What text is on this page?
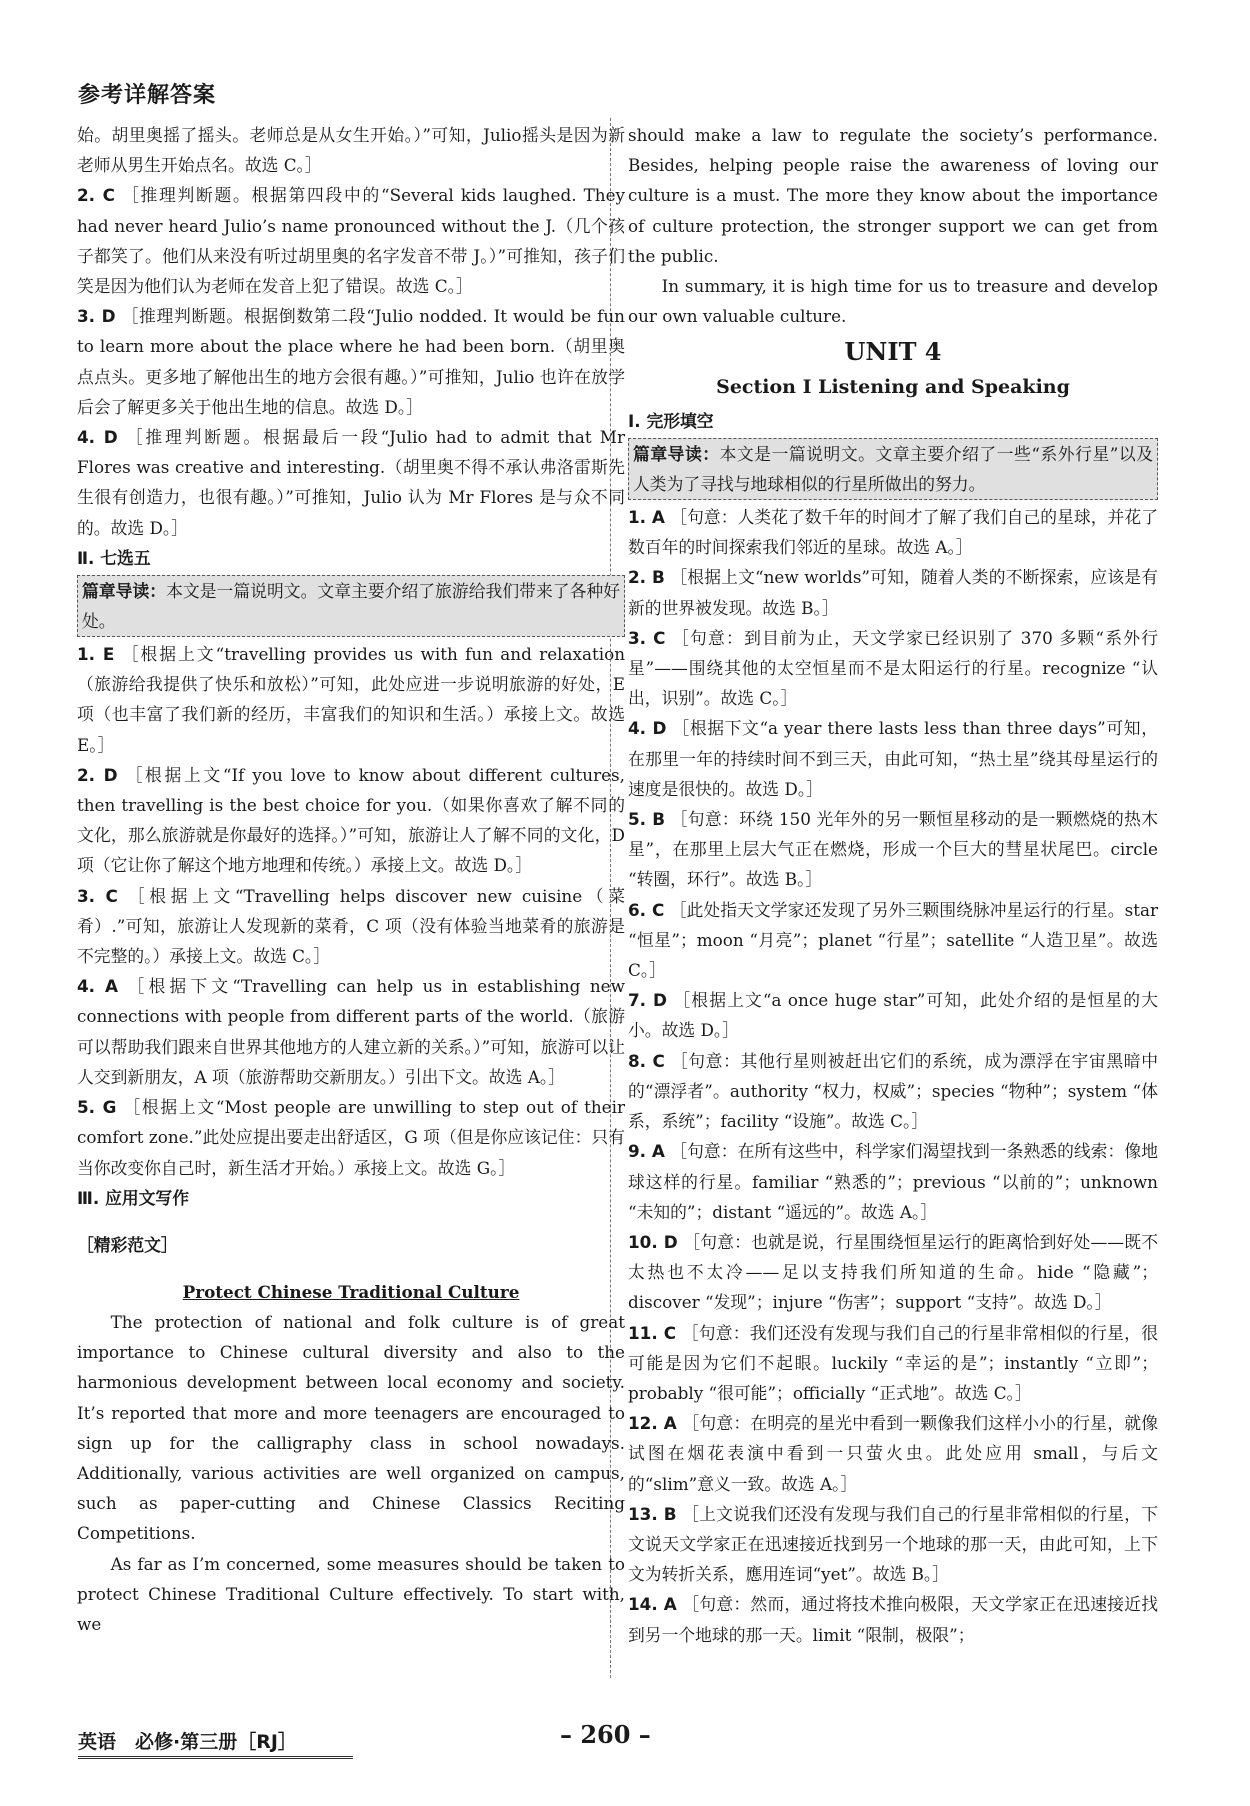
参考详解答案

始。胡里奥摇了摇头。老师总是从女生开始。）”可知，Julio摇头是因为新老师从男生开始点名。故选 C。］

2. C ［推理判断题。根据第四段中的“Several kids laughed. They had never heard Julio’s name pronounced without the J.（几个孩子都笑了。他们从来没有听过胡里奥的名字发音不带 J。）”可推知，孩子们笑是因为他们认为老师在发音上犯了错误。故选 C。］

3. D ［推理判断题。根据倒数第二段“Julio nodded. It would be fun to learn more about the place where he had been born.（胡里奥点点头。更多地了解他出生的地方会很有趣。）”可推知，Julio 也许在放学后会了解更多关于他出生地的信息。故选 D。］

4. D ［推理判断题。根据最后一段“Julio had to admit that Mr Flores was creative and interesting.（胡里奥不得不承认弗洛雷斯先生很有创造力，也很有趣。）”可推知，Julio 认为 Mr Flores 是与众不同的。故选 D。］

Ⅱ. 七选五

篇章导读：本文是一篇说明文。文章主要介绍了旅游给我们带来了各种好处。

1. E ［根据上文“travelling provides us with fun and relaxation（旅游给我提供了快乐和放松）”可知，此处应进一步说明旅游的好处，E 项（也丰富了我们新的经历，丰富我们的知识和生活。）承接上文。故选 E。］

2. D ［根据上文“If you love to know about different cultures, then travelling is the best choice for you.（如果你喜欢了解不同的文化，那么旅游就是你最好的选择。）”可知，旅游让人了解不同的文化，D 项（它让你了解这个地方地理和传统。）承接上文。故选 D。］

3. C ［根据上文“Travelling helps discover new cuisine（菜肴）.”可知，旅游让人发现新的菜肴，C 项（没有体验当地菜肴的旅游是不完整的。）承接上文。故选 C。］

4. A ［根据下文“Travelling can help us in establishing new connections with people from different parts of the world.（旅游可以帮助我们跟来自世界其他地方的人建立新的关系。）”可知，旅游可以让人交到新朋友，A 项（旅游帮助交新朋友。）引出下文。故选 A。］

5. G ［根据上文“Most people are unwilling to step out of their comfort zone.”此处应提出要走出舒适区，G 项（但是你应该记住：只有当你改变你自己时，新生活才开始。）承接上文。故选 G。］

Ⅲ. 应用文写作

［精彩范文］

Protect Chinese Traditional Culture

The protection of national and folk culture is of great importance to Chinese cultural diversity and also to the harmonious development between local economy and society. It’s reported that more and more teenagers are encouraged to sign up for the calligraphy class in school nowadays. Additionally, various activities are well organized on campus, such as paper-cutting and Chinese Classics Reciting Competitions.

As far as I’m concerned, some measures should be taken to protect Chinese Traditional Culture effectively. To start with, we

should make a law to regulate the society’s performance. Besides, helping people raise the awareness of loving our culture is a must. The more they know about the importance of culture protection, the stronger support we can get from the public.

In summary, it is high time for us to treasure and develop our own valuable culture.

UNIT 4

Section Ⅰ Listening and Speaking

Ⅰ. 完形填空

篇章导读：本文是一篇说明文。文章主要介绍了一些“系外行星”以及人类为了寻找与地球相似的行星所做出的努力。

1. A ［句意：人类花了数千年的时间才了解了我们自己的星球，并花了数百年的时间探索我们邻近的星球。故选 A。］

2. B ［根据上文“new worlds”可知，随着人类的不断探索，应该是有新的世界被发现。故选 B。］

3. C ［句意：到目前为止，天文学家已经识别了 370 多颗“系外行星”——围绕其他的太空恒星而不是太阳运行的行星。recognize “认出，识别”。故选 C。］

4. D ［根据下文“a year there lasts less than three days”可知，在那里一年的持续时间不到三天，由此可知，“热土星”绕其母星运行的速度是很快的。故选 D。］

5. B ［句意：环绕 150 光年外的另一颗恒星移动的是一颗燃烧的热木星”，在那里上层大气正在燃烧，形成一个巨大的彗星状尾巴。circle “转圈，环行”。故选 B。］

6. C ［此处指天文学家还发现了另外三颗围绕脉冲星运行的行星。star “恒星”；moon “月亮”；planet “行星”；satellite “人造卫星”。故选 C。］

7. D ［根据上文“a once huge star”可知，此处介绍的是恒星的大小。故选 D。］

8. C ［句意：其他行星则被赶出它们的系统，成为漂浮在宇宙黑暗中的“漂浮者”。authority “权力，权威”；species “物种”；system “体系，系统”；facility “设施”。故选 C。］

9. A ［句意：在所有这些中，科学家们渴望找到一条熟悉的线索：像地球这样的行星。familiar “熟悉的”；previous “以前的”；unknown “未知的”；distant “遥远的”。故选 A。］

10. D ［句意：也就是说，行星围绕恒星运行的距离恰到好处——既不太热也不太冷——足以支持我们所知道的生命。hide “隐藏”；discover “发现”；injure “伤害”；support “支持”。故选 D。］

11. C ［句意：我们还没有发现与我们自己的行星非常相似的行星，很可能是因为它们不起眼。luckily “幸运的是”；instantly “立即”；probably “很可能”；officially “正式地”。故选 C。］

12. A ［句意：在明亮的星光中看到一颗像我们这样小小的行星，就像试图在烟花表演中看到一只萤火虫。此处应用 small，与后文的“slim”意义一致。故选 A。］

13. B ［上文说我们还没有发现与我们自己的行星非常相似的行星，下文说天文学家正在迅速接近找到另一个地球的那一天，由此可知，上下文为转折关系，應用连词“yet”。故选 B。］

14. A ［句意：然而，通过将技术推向极限，天文学家正在迅速接近找到另一个地球的那一天。limit “限制，极限”；

英语　必修·第三册［RJ］	– 260 –
